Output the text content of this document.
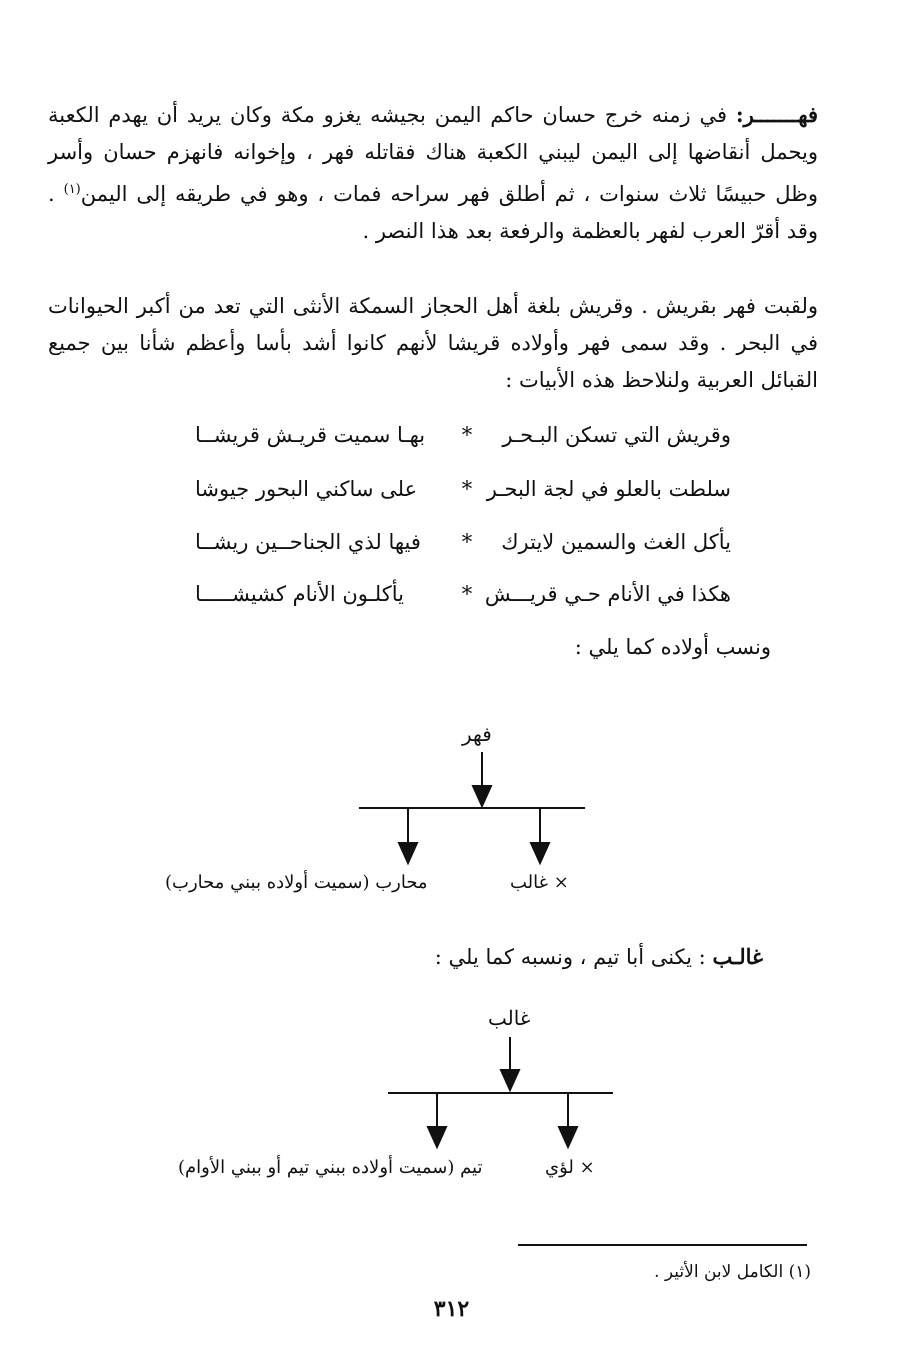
فهـــــــر: في زمنه خرج حسان حاكم اليمن بجيشه يغزو مكة وكان يريد أن يهدم الكعبة ويحمل أنقاضها إلى اليمن ليبني الكعبة هناك فقاتله فهر ، وإخوانه فانهزم حسان وأسر وظل حبيسًا ثلاث سنوات ، ثم أطلق فهر سراحه فمات ، وهو في طريقه إلى اليمن$^{(١)}$ . وقد أقرّ العرب لفهر بالعظمة والرفعة بعد هذا النصر .
ولقبت فهر بقريش . وقريش بلغة أهل الحجاز السمكة الأنثى التي تعد من أكبر الحيوانات في البحر . وقد سمى فهر وأولاده قريشا لأنهم كانوا أشد بأسا وأعظم شأنا بين جميع القبائل العربية ولنلاحظ هذه الأبيات :
وقريش التي تسكن البـحـر
*
بهـا سميت قريـش قريشــا
سلطت بالعلو في لجة البحـر
*
على ساكني البحور جيوشا
يأكل الغث والسمين لايترك
*
فيها لذي الجناحــين ريشــا
هكذا في الأنام حـي قريـــش
*
يأكلـون الأنام كشيشـــــا
ونسب أولاده كما يلي :
فهر
× غالب
محارب (سميت أولاده ببني محارب)
غالـب : يكنى أبا تيم ، ونسبه كما يلي :
غالب
× لؤي
تيم (سميت أولاده ببني تيم أو ببني الأوام)
(١) الكامل لابن الأثير .
٣١٢
